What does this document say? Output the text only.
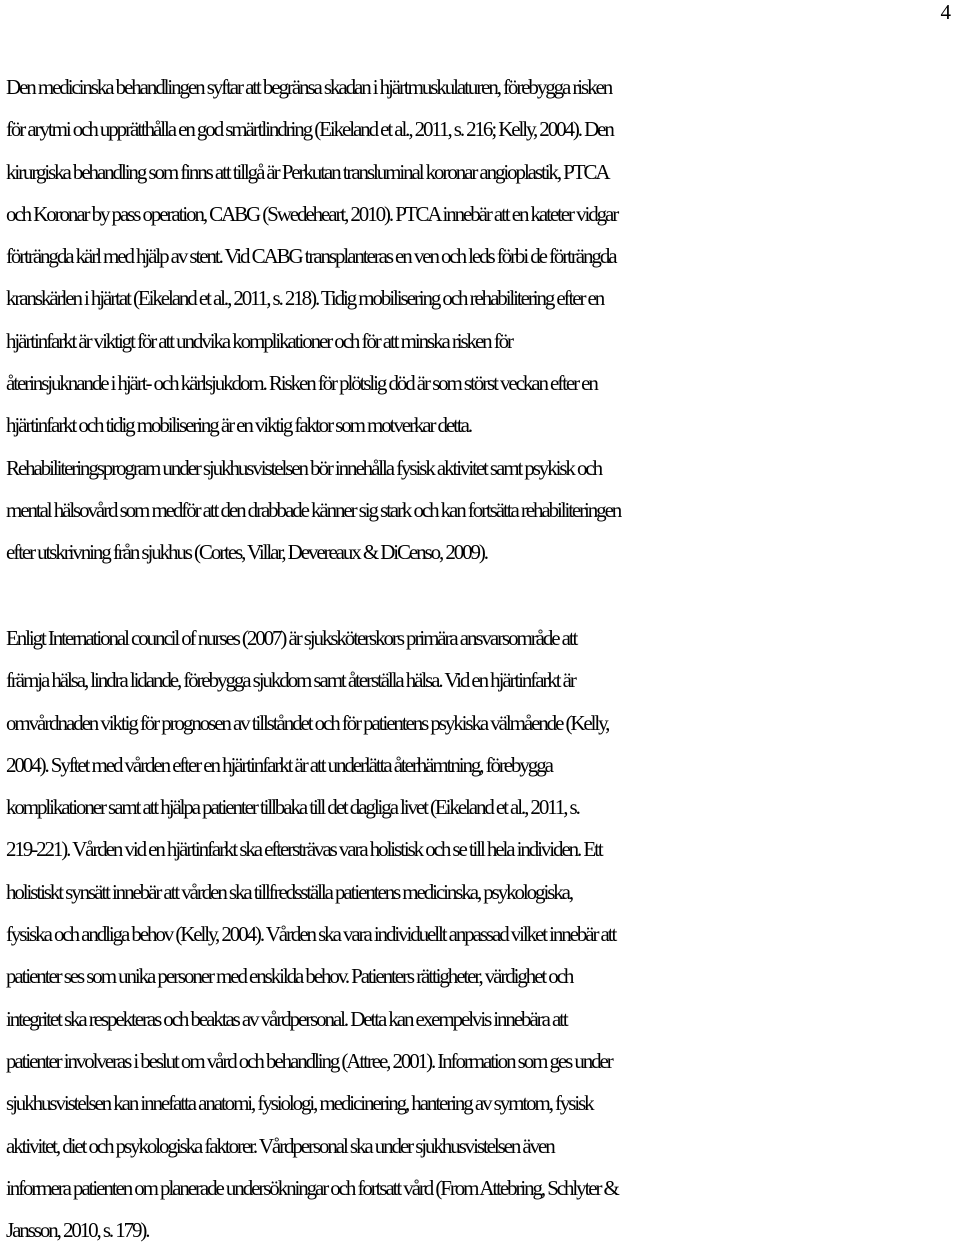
4

Den medicinska behandlingen syftar att begränsa skadan i hjärtmuskulaturen, förebygga risken
för arytmi och upprätthålla en god smärtlindring (Eikeland et al., 2011, s. 216; Kelly, 2004). Den
kirurgiska behandling som finns att tillgå är Perkutan transluminal koronar angioplastik, PTCA
och Koronar by pass operation, CABG (Swedeheart, 2010). PTCA innebär att en kateter vidgar
förträngda kärl med hjälp av stent. Vid CABG transplanteras en ven och leds förbi de förträngda
kranskärlen i hjärtat (Eikeland et al., 2011, s. 218). Tidig mobilisering och rehabilitering efter en
hjärtinfarkt är viktigt för att undvika komplikationer och för att minska risken för
återinsjuknande i hjärt- och kärlsjukdom. Risken för plötslig död är som störst veckan efter en
hjärtinfarkt och tidig mobilisering är en viktig faktor som motverkar detta.
Rehabiliteringsprogram under sjukhusvistelsen bör innehålla fysisk aktivitet samt psykisk och
mental hälsovård som medför att den drabbade känner sig stark och kan fortsätta rehabiliteringen
efter utskrivning från sjukhus (Cortes, Villar, Devereaux & DiCenso, 2009).

Enligt International council of nurses (2007) är sjuksköterskors primära ansvarsområde att
främja hälsa, lindra lidande, förebygga sjukdom samt återställa hälsa. Vid en hjärtinfarkt är
omvårdnaden viktig för prognosen av tillståndet och för patientens psykiska välmående (Kelly,
2004). Syftet med vården efter en hjärtinfarkt är att underlätta återhämtning, förebygga
komplikationer samt att hjälpa patienter tillbaka till det dagliga livet (Eikeland et al., 2011, s.
219-221). Vården vid en hjärtinfarkt ska eftersträvas vara holistisk och se till hela individen. Ett
holistiskt synsätt innebär att vården ska tillfredsställa patientens medicinska, psykologiska,
fysiska och andliga behov (Kelly, 2004). Vården ska vara individuellt anpassad vilket innebär att
patienter ses som unika personer med enskilda behov. Patienters rättigheter, värdighet och
integritet ska respekteras och beaktas av vårdpersonal. Detta kan exempelvis innebära att
patienter involveras i beslut om vård och behandling (Attree, 2001). Information som ges under
sjukhusvistelsen kan innefatta anatomi, fysiologi, medicinering, hantering av symtom, fysisk
aktivitet, diet och psykologiska faktorer. Vårdpersonal ska under sjukhusvistelsen även
informera patienten om planerade undersökningar och fortsatt vård (From Attebring, Schlyter &
Jansson, 2010, s. 179).
